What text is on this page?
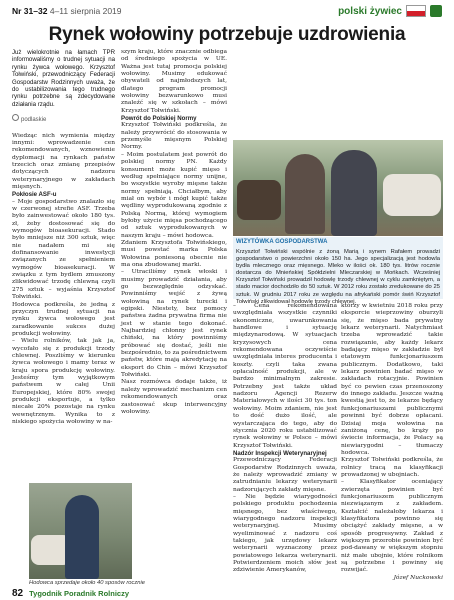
Nr 31–32 4–11 sierpnia 2019	polski żywiec
Rynek wołowiny potrzebuje uzdrowienia

Już wielokrotnie na łamach TPR informowaliśmy o trudnej sytuacji na rynku żywca wołowego. Krzysztof Tołwiński, przewodniczący Federacji Gospodarstw Rodzinnych uważa, że do ustabilizowania tego trudnego rynku potrzebne są zdecydowane działania rządu.

podlaskie

Wiedząc nich wymienia między innymi: wprowadzenie cen rekomendowanych, wznowienie dyplomacji na rynkach państw trzecich oraz zmianę przepisów dotyczących nadzoru weterynaryjnego w zakładach mięsnych.

Pokłosie ASF-u

– Moje gospodarstwo znalazło się w czerwonej strefie ASF. Trzeba było zainwestować około 180 tys. zł, żeby dostosować się do wymogów bioasekuracji. Stado było mniejsze niż 300 sztuk, więc nie nadałem mi się dofinansowanie inwestycji związanych ze spełnieniem wymogów bioasekuracji. W związku z tym bydlem zmuszony zlikwidować trzodę chlewną czyli 275 sztuk – wyjaśnia Krzysztof Tołwiński.

Hodowca podkreśla, że jedną z przyczyn trudnej sytuacji na rynku żywca wołowego jest zaradkowanie sukces dużej produkcji wołowiny.

– Wielu rolników, tak jak ja, wycofało się z produkcji trzody chlewnej. Poszliśmy w kierunku żywca wołowego i mamy teraz w kraju spora produkcję wołowiny. Jesteśmy tym wyjątkowym państwem w całej Unii Europejskiej, które 80% swojej produkcji eksportuje, a tylko niecałe 20% pozostaje na rynku wewnętrznym. Wynika to z niskiego spożycia wołowiny w na-

szym kraju, które znacznie odbiega od średniego spożycia w UE. Ważna jest tutaj promocja polskiej wołowiny. Musimy edukować obywateli od najmłodszych lat, dlatego program promocji wołowiny bezwarunkowo musi znaleźć się w szkołach – mówi Krzysztof Tołwiński.

Powrót do Polskiej Normy

Krzysztof Tołwiński podkreśla, że należy przywrócić do stosowania w przemyśle mięsnym Polskiej Normy.

– Moim postulatem jest powrót do polskiej normy PN. Każdy konsument może kupić mięso i według spełniające normy unijne, bo wszystkie wyroby mięsne także normy spełniają. Chciałbym, aby miał on wybór i mógł kupić także wędliny wyprodukowaną zgodnie z Polską Normą, której wymogiem byłoby użycie mięsa pochodzącego od sztuk wyprodukowanych w naszym kraju – mówi hodowca.

Zdaniem Krzysztofa Tołwińskiego, musi powstać marka Polska Wołowina poniesoną obecnie nie ma ona zbudowanej marki.

– Utraciliśmy rynek włoski i musimy prowadzić działania, aby go bezwzględnie odzyskać. Powinniśmy wejść z żywą wołowiną na rynek turecki i egipski. Niestety, bez pomocy państwa żadna prywatna firma nie jest w stanie tego dokonać. Najbardziej chłonny jest rynek chiński, na który powinniśmy próbować się dostać, jeśli nie bezpośrednio, to za pośrednictwem państw, które mają akredytację na eksport do Chin – mówi Krzysztof Tołwiński.

Nasz rozmówca dodaje także, iż należy wprowadzić mechanizm cen rekomendowanych oraz zastosować skup interwencyjny wołowiny.

WIZYTÓWKA GOSPODARSTWA
Krzysztof Tołwiński wspólnie z żoną Marią i synem Rafałem prowadzi gospodarstwo o powierzchni około 150 ha. Jego specjalizacją jest hodowla bydła mlecznego oraz mięsnego. Mleko w ilości ok. 180 tys. litrów rocznie dostarcza do Mnieńskiej Spółdzielni Mleczarskiej w Mońkach. Wcześniej Krzysztof Tołwiński prowadził hodowlę trzody chlewnej w cyklu zamkniętym, a stado macior dochodziło do 50 sztuk. W 2012 roku zostało zredukowane do 25 sztuk. W grudniu 2017 roku ze względu na afrykański pomór świń Krzysztof Tołwiński zlikwidował hodowlę trzody chlewnej.

– Cena rekomendowana uwzględniała wszystkie czynniki ekonomiczne, uwarunkowania handlowe i sytuację międzynarodową. W sytuacjach kryzysowych cena rekomendowana oczywiście uwzględniała interes producenta i koszty. czyli taka zwana opłacalność produkcji, ale w bardzo minimalnym zakresie. Potrzebny jest także układ nadzoru Agencji Rezerw Materiałowych w ilości 30 tys. ton wołowiny. Moim zdaniem, nie jest to dość dużo ilość, ale wystarczająca do tego, aby do stycznia 2020 roku ustabilizować rynek wołowiny w Polsce – mówi Krzysztof Tołwiński.

Nadzór Inspekcji Weterynaryjnej

Przewodniczący Federacji Gospodarstw Rodzinnych uważa, że należy wprowadzić zmiany w zatrudnianiu lekarzy weterynarii nadzorujących zakłady mięsne.

– Nie będzie wiarygodności polskiego produktu pochodzenia mięsnego, bez właściwego, wiarygodnego nadzoru inspekcji weterynaryjnej. Musimy wyeliminować z nadzoru coś takiego, jak urzędowy lekarz weterynarii wyznaczony przez powiatowego lekarza weterynarii. Potwierdzeniem moich słów jest zdziwienie Amerykanów,

którzy w kwietniu 2018 roku przy eksporcie wieprzowiny oburzyli się, że mięso bada prywatny lekarz weterynarii. Natychmiast trzeba wprowadzić takie rozwiązanie, aby każdy lekarz badający mięso w zakładzie był etatowym funkcjonariuszem publicznym. Dodatkowo, taki lekarz powinien badać mięso w zakładach rotacyjnie. Powinien być co pewien czas przenoszony do innego zakładu. Jeszcze ważną kwestią jest to, że lekarze będący funkcjonariuszami publicznymi powinni być dobrze opłacani. Dzisiaj moja wołowina na zaniżoną cenę, bo krąży po świecie informacja, że Polacy są niewiarygodni – tłumaczy hodowca.

Krzysztof Tołwiński podkreśla, że rolnicy tracą na klasyfikacji prowadzonej w ubojniach.

– Klasyfikator oceniający zwierzęta powinien być funkcjonariuszem publicznym niezwiązanym z zakładem. Kształcić należałoby lekarza i klasyfikatora powinno się obciążyć zakłady mięsne, a w sposób progresywny. Zakład z większym przerobie powinien być pod-dawany w większym stopniu niż małe ubojnie, które rolnikom są potrzebne i powinny się rozwijać.

Józef Nuckowski

Hodowca sprzedaje około 40 sposów rocznie
82 Tygodnik Poradnik Rolniczy
